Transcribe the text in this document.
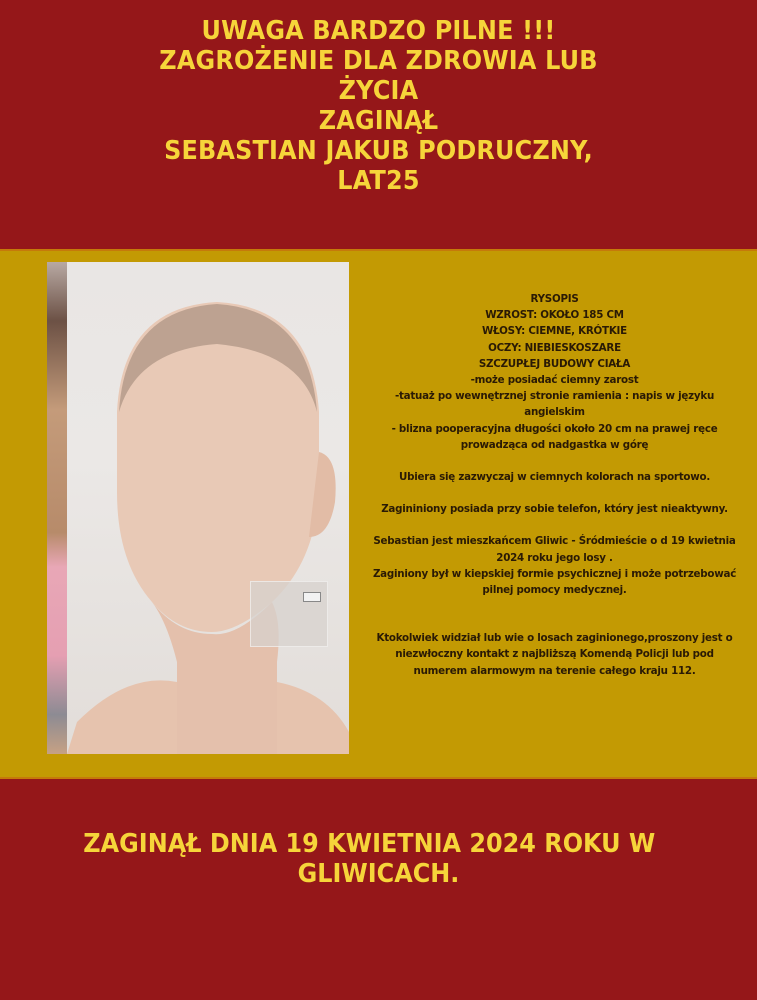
UWAGA BARDZO PILNE !!!
ZAGROŻENIE DLA ZDROWIA LUB
ŻYCIA
ZAGINĄŁ
SEBASTIAN JAKUB PODRUCZNY,
LAT25
RYSOPIS
WZROST: OKOŁO 185 CM
WŁOSY: CIEMNE, KRÓTKIE
OCZY: NIEBIESKOSZARE
SZCZUPŁEJ BUDOWY CIAŁA
-może posiadać ciemny zarost
-tatuaż po wewnętrznej stronie ramienia : napis w języku
angielskim
- blizna pooperacyjna długości około 20 cm na prawej ręce
prowadząca od nadgastka w górę
Ubiera się zazwyczaj w ciemnych kolorach na sportowo.
Zagininiony posiada przy sobie telefon, który jest nieaktywny.
Sebastian jest mieszkańcem Gliwic - Śródmieście o d 19 kwietnia
2024 roku jego losy .
Zaginiony był w kiepskiej formie psychicznej i może potrzebować
pilnej pomocy medycznej.
Ktokolwiek widział lub wie o losach zaginionego,proszony jest o
niezwłoczny kontakt z najbliższą Komendą Policji lub pod
numerem alarmowym na terenie całego kraju 112.
ZAGINĄŁ DNIA 19 KWIETNIA 2024 ROKU W
GLIWICACH.
